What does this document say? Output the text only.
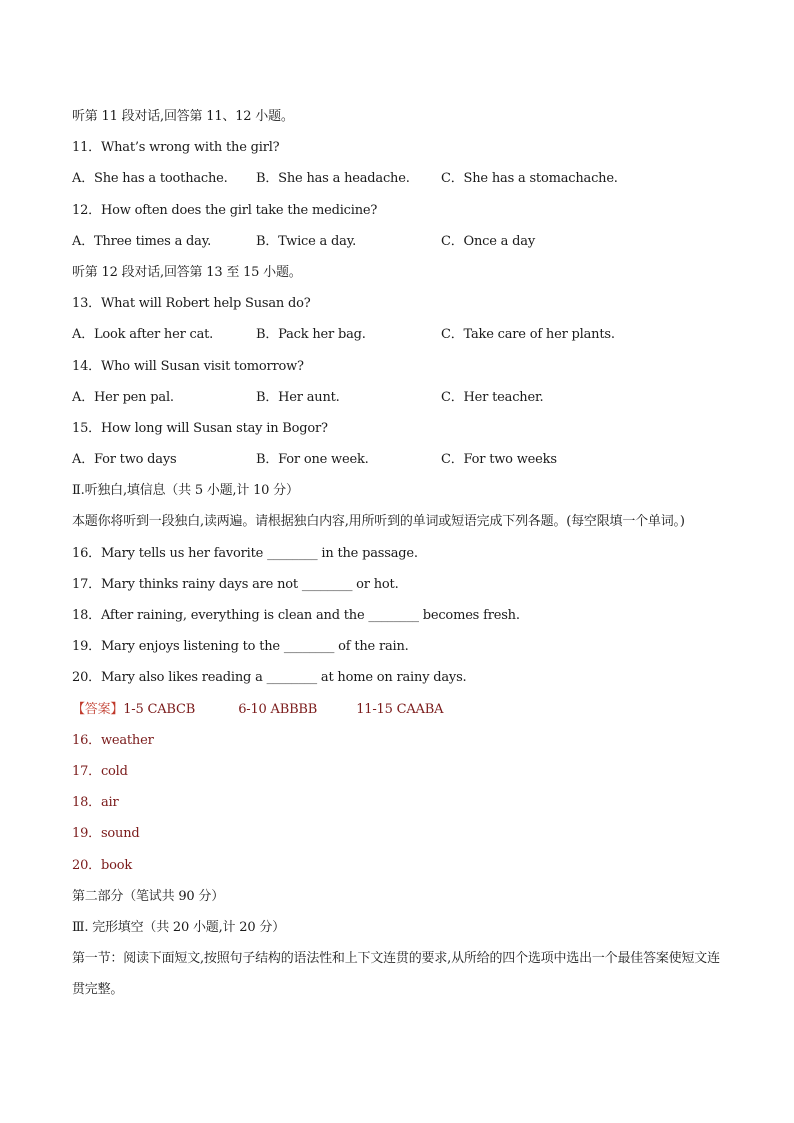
听第 11 段对话,回答第 11、12 小题。
11．What’s wrong with the girl?
A．She has a toothache.	B．She has a headache.	C．She has a stomachache.
12．How often does the girl take the medicine?
A．Three times a day.	B．Twice a day.	C．Once a day
听第 12 段对话,回答第 13 至 15 小题。
13．What will Robert help Susan do?
A．Look after her cat.	B．Pack her bag.	C．Take care of her plants.
14．Who will Susan visit tomorrow?
A．Her pen pal.	B．Her aunt.	C．Her teacher.
15．How long will Susan stay in Bogor?
A．For two days	B．For one week.	C．For two weeks
Ⅱ.听独白,填信息（共 5 小题,计 10 分）
本题你将听到一段独白,读两遍。请根据独白内容,用所听到的单词或短语完成下列各题。(每空限填一个单词。)
16．Mary tells us her favorite ________ in the passage.
17．Mary thinks rainy days are not ________ or hot.
18．After raining, everything is clean and the ________ becomes fresh.
19．Mary enjoys listening to the ________ of the rain.
20．Mary also likes reading a ________ at home on rainy days.
【答案】1-5 CABCB	6-10 ABBBB	11-15 CAABA
16．weather
17．cold
18．air
19．sound
20．book
第二部分（笔试共 90 分）
Ⅲ. 完形填空（共 20 小题,计 20 分）
第一节：阅读下面短文,按照句子结构的语法性和上下文连贯的要求,从所给的四个选项中选出一个最佳答案使短文连贯完整。
